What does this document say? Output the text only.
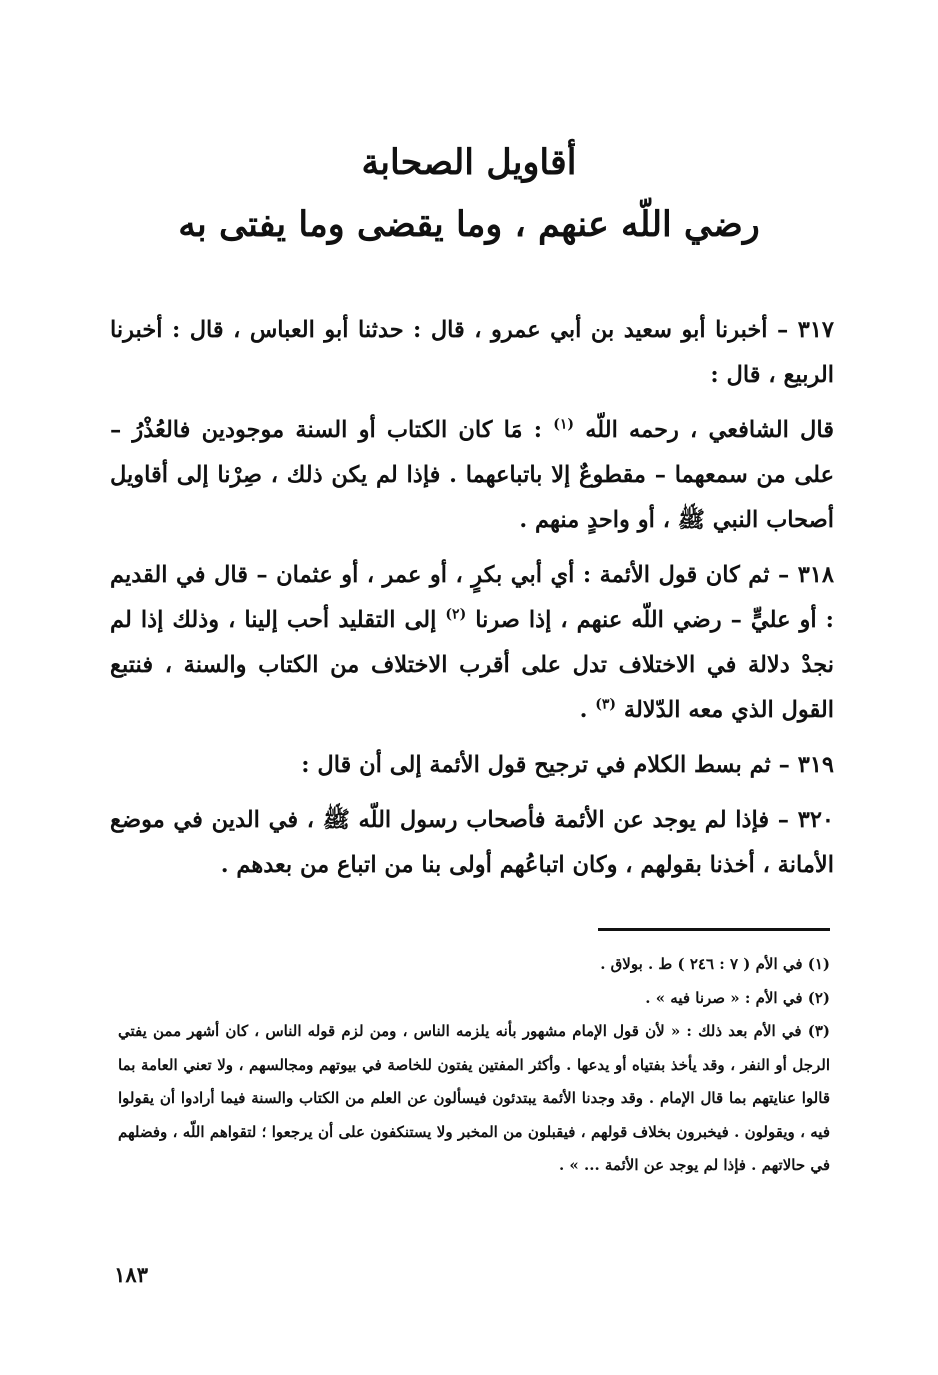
أقاويل الصحابة
رضي اللّه عنهم ، وما يقضى وما يفتى به

٣١٧ – أخبرنا أبو سعيد بن أبي عمرو ، قال : حدثنا أبو العباس ، قال : أخبرنا الربيع ، قال :

قال الشافعي ، رحمه اللّه $^{(١)}$ : مَا كان الكتاب أو السنة موجودين فالعُذْرُ – على من سمعهما – مقطوعٌ إلا باتباعهما . فإذا لم يكن ذلك ، صِرْنا إلى أقاويل أصحاب النبي ﷺ ، أو واحدٍ منهم .

٣١٨ – ثم كان قول الأئمة : أي أبي بكرٍ ، أو عمر ، أو عثمان – قال في القديم : أو عليٍّ – رضي اللّه عنهم ، إذا صرنا $^{(٢)}$ إلى التقليد أحب إلينا ، وذلك إذا لم نجدْ دلالة في الاختلاف تدل على أقرب الاختلاف من الكتاب والسنة ، فنتبع القول الذي معه الدّلالة $^{(٣)}$ .

٣١٩ – ثم بسط الكلام في ترجيح قول الأئمة إلى أن قال :

٣٢٠ – فإذا لم يوجد عن الأئمة فأصحاب رسول اللّه ﷺ ، في الدين في موضع الأمانة ، أخذنا بقولهم ، وكان اتباعُهم أولى بنا من اتباع من بعدهم .

(١) في الأم ( ٧ : ٢٤٦ ) ط . بولاق .

(٢) في الأم : « صرنا فيه » .

(٣) في الأم بعد ذلك : « لأن قول الإمام مشهور بأنه يلزمه الناس ، ومن لزم قوله الناس ، كان أشهر ممن يفتي الرجل أو النفر ، وقد يأخذ بفتياه أو يدعها . وأكثر المفتين يفتون للخاصة في بيوتهم ومجالسهم ، ولا تعني العامة بما قالوا عنايتهم بما قال الإمام . وقد وجدنا الأئمة يبتدئون فيسألون عن العلم من الكتاب والسنة فيما أرادوا أن يقولوا فيه ، ويقولون . فيخبرون بخلاف قولهم ، فيقبلون من المخبر ولا يستنكفون على أن يرجعوا ؛ لتقواهم اللّه ، وفضلهم في حالاتهم . فإذا لم يوجد عن الأئمة ... » .

١٨٣
